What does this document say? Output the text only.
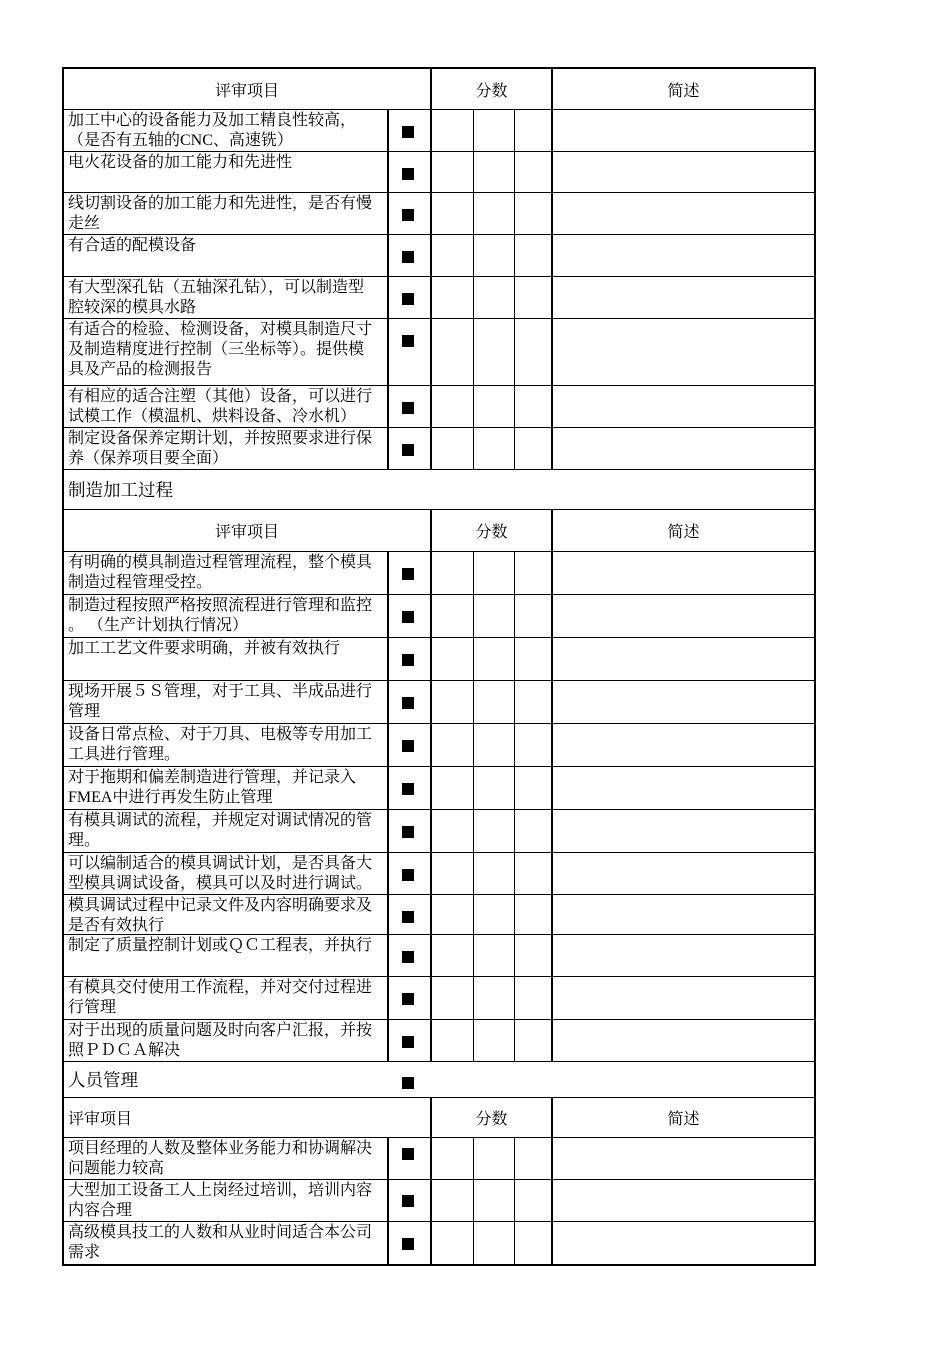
评审项目	分数	简述
加工中心的设备能力及加工精良性较高，
（是否有五轴的CNC、高速铣）
电火花设备的加工能力和先进性
线切割设备的加工能力和先进性，是否有慢
走丝
有合适的配模设备
有大型深孔钻（五轴深孔钻），可以制造型
腔较深的模具水路
有适合的检验、检测设备，对模具制造尺寸
及制造精度进行控制（三坐标等）。提供模
具及产品的检测报告
有相应的适合注塑（其他）设备，可以进行
试模工作（模温机、烘料设备、冷水机）
制定设备保养定期计划，并按照要求进行保
养（保养项目要全面）
制造加工过程
评审项目	分数	简述
有明确的模具制造过程管理流程，整个模具
制造过程管理受控。
制造过程按照严格按照流程进行管理和监控
。 （生产计划执行情况）
加工工艺文件要求明确，并被有效执行
现场开展５Ｓ管理，对于工具、半成品进行
管理
设备日常点检、对于刀具、电极等专用加工
工具进行管理。
对于拖期和偏差制造进行管理，并记录入
FMEA中进行再发生防止管理
有模具调试的流程，并规定对调试情况的管
理。
可以编制适合的模具调试计划，是否具备大
型模具调试设备，模具可以及时进行调试。
模具调试过程中记录文件及内容明确要求及
是否有效执行
制定了质量控制计划或ＱＣ工程表，并执行
有模具交付使用工作流程，并对交付过程进
行管理
对于出现的质量问题及时向客户汇报，并按
照ＰＤＣＡ解决
人员管理
评审项目	分数	简述
项目经理的人数及整体业务能力和协调解决
问题能力较高
大型加工设备工人上岗经过培训，培训内容
内容合理
高级模具技工的人数和从业时间适合本公司
需求
